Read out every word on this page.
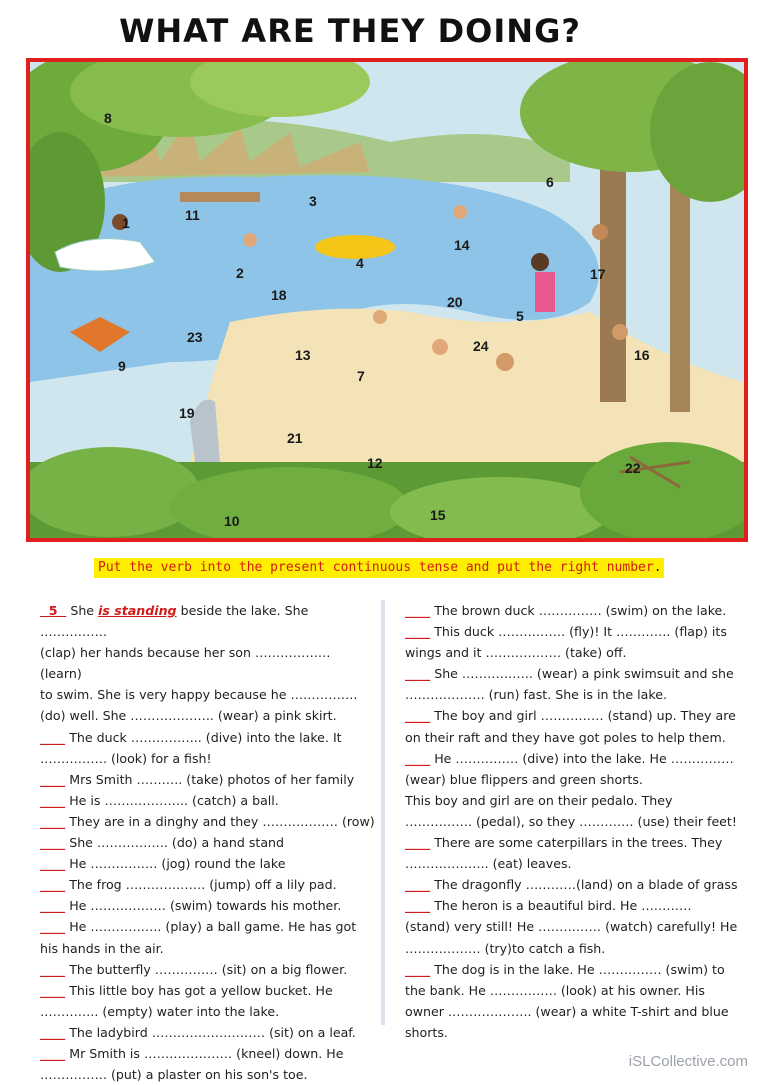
WHAT ARE THEY DOING?
1
2
3
4
5
6
7
8
9
10
11
12
13
14
15
16
17
18
19
20
21
22
23
24
Put the verb into the present continuous tense and put the right number.

5   She is standing beside the lake. She …………….

(clap) her hands because her son ……………… (learn)

to swim. She is very happy because he …………….

(do) well. She ……………….. (wear) a pink skirt.

____ The duck …………….. (dive) into the lake. It

……………. (look) for a fish!

____ Mrs Smith ……….. (take) photos of her family

____ He is ……………….. (catch) a ball.

____ They are in a dinghy and they ……………… (row)

____ She …………….. (do) a hand stand

____ He ……………. (jog) round the lake

____ The frog ………………. (jump) off a lily pad.

____ He ……………… (swim) towards his mother.

____ He …………….. (play) a ball game. He has got

his hands in the air.

____ The butterfly …………… (sit) on a big flower.

____ This little boy has got a yellow bucket. He

………….. (empty) water into the lake.

____ The ladybird ……………………… (sit) on a leaf.

____ Mr Smith is ………………… (kneel) down. He

……………. (put) a plaster on his son's toe.

____ The brown duck …………… (swim) on the lake.

____ This duck ……………. (fly)! It …………. (flap) its

wings and it ……………… (take) off.

____ She …………….. (wear) a pink swimsuit and she

………………. (run) fast. She is in the lake.

____ The boy and girl …………… (stand) up. They are

on their raft and they have got poles to help them.

____ He …………… (dive) into the lake. He ……………

(wear) blue flippers and green shorts.

This boy and girl are on their pedalo. They

……………. (pedal), so they …………. (use) their feet!

____ There are some caterpillars in the trees. They

……………….. (eat) leaves.

____ The dragonfly …………(land) on a blade of grass

____ The heron is a beautiful bird. He …………

(stand) very still! He …………… (watch) carefully! He

……………… (try)to catch a fish.

____ The dog is in the lake. He …………… (swim) to

the bank. He ……………. (look) at his owner. His

owner ……………….. (wear) a white T-shirt and blue

shorts.

iSLCollective.com
